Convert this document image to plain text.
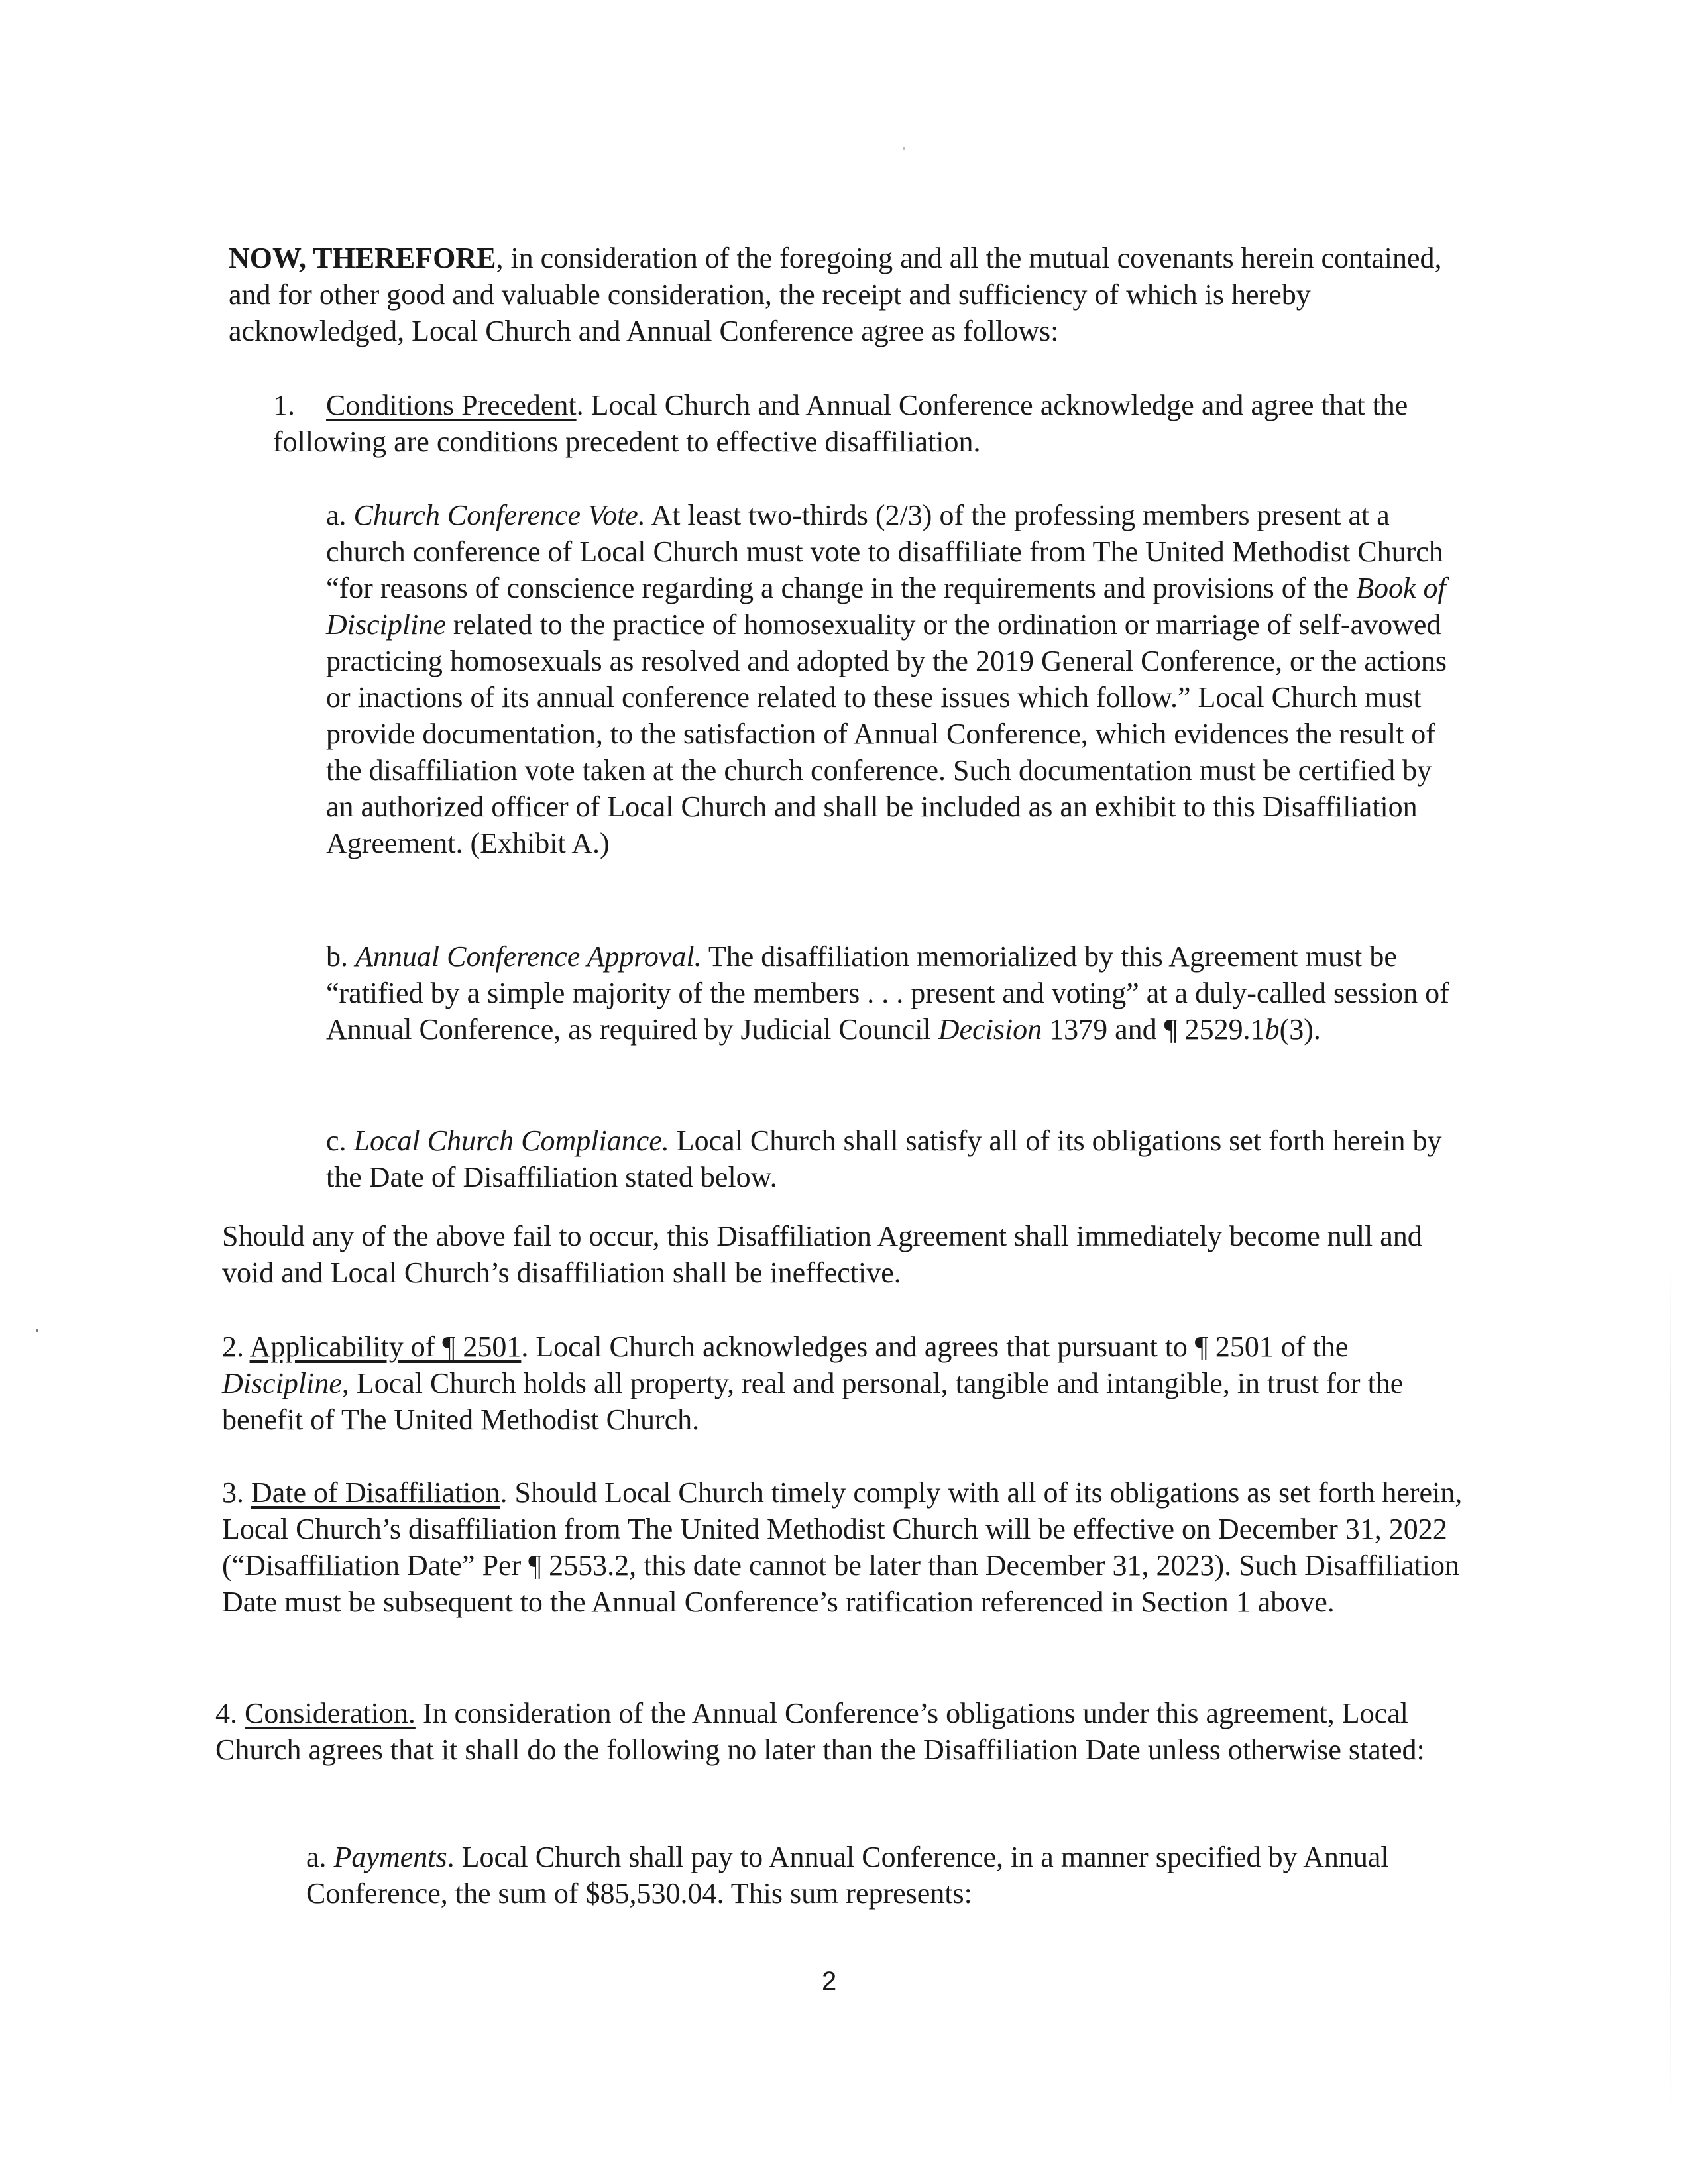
NOW, THEREFORE, in consideration of the foregoing and all the mutual covenants herein contained, and for other good and valuable consideration, the receipt and sufficiency of which is hereby acknowledged, Local Church and Annual Conference agree as follows:

1. Conditions Precedent. Local Church and Annual Conference acknowledge and agree that the following are conditions precedent to effective disaffiliation.

a. Church Conference Vote. At least two-thirds (2/3) of the professing members present at a church conference of Local Church must vote to disaffiliate from The United Methodist Church “for reasons of conscience regarding a change in the requirements and provisions of the Book of Discipline related to the practice of homosexuality or the ordination or marriage of self-avowed practicing homosexuals as resolved and adopted by the 2019 General Conference, or the actions or inactions of its annual conference related to these issues which follow.” Local Church must provide documentation, to the satisfaction of Annual Conference, which evidences the result of the disaffiliation vote taken at the church conference. Such documentation must be certified by an authorized officer of Local Church and shall be included as an exhibit to this Disaffiliation Agreement. (Exhibit A.)

b. Annual Conference Approval. The disaffiliation memorialized by this Agreement must be “ratified by a simple majority of the members . . . present and voting” at a duly-called session of Annual Conference, as required by Judicial Council Decision 1379 and ¶ 2529.1b(3).

c. Local Church Compliance. Local Church shall satisfy all of its obligations set forth herein by the Date of Disaffiliation stated below.

Should any of the above fail to occur, this Disaffiliation Agreement shall immediately become null and void and Local Church’s disaffiliation shall be ineffective.

2. Applicability of ¶ 2501. Local Church acknowledges and agrees that pursuant to ¶ 2501 of the Discipline, Local Church holds all property, real and personal, tangible and intangible, in trust for the benefit of The United Methodist Church.

3. Date of Disaffiliation. Should Local Church timely comply with all of its obligations as set forth herein, Local Church’s disaffiliation from The United Methodist Church will be effective on December 31, 2022 (“Disaffiliation Date” Per ¶ 2553.2, this date cannot be later than December 31, 2023). Such Disaffiliation Date must be subsequent to the Annual Conference’s ratification referenced in Section 1 above.

4. Consideration. In consideration of the Annual Conference’s obligations under this agreement, Local Church agrees that it shall do the following no later than the Disaffiliation Date unless otherwise stated:

a. Payments. Local Church shall pay to Annual Conference, in a manner specified by Annual Conference, the sum of $85,530.04. This sum represents:

2
